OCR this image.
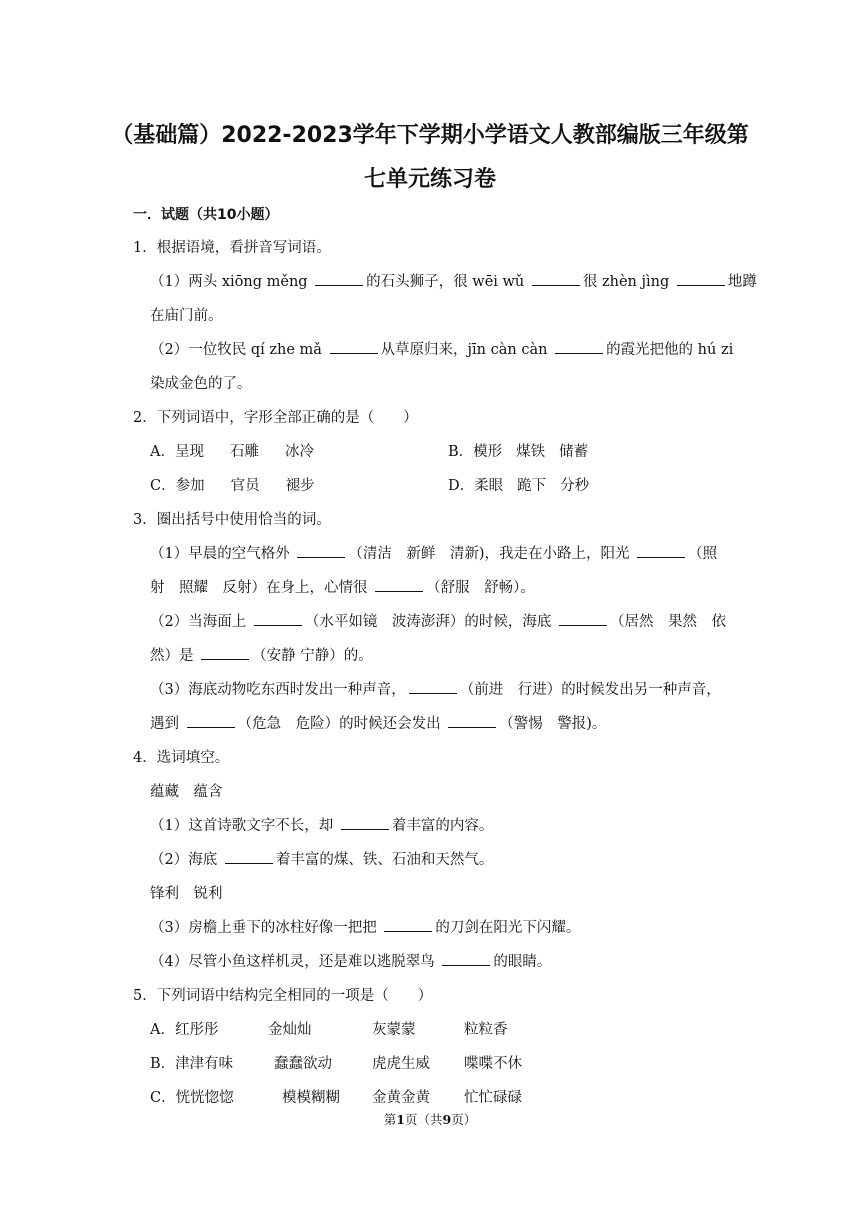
（基础篇）2022-2023学年下学期小学语文人教部编版三年级第
七单元练习卷
一．试题（共10小题）
1．根据语境，看拼音写词语。
（1）两头 xiōng měng	的石头狮子，很 wēi wǔ	很 zhèn jìng	地蹲
在庙门前。
（2）一位牧民 qí zhe mǎ	从草原归来，jīn càn càn	的霞光把他的 hú zi
染成金色的了。
2．下列词语中，字形全部正确的是（　　）
A．呈现 石雕 冰冷	B．模形 煤铁 储蓄
C．参加 官员 褪步	D．柔眼 跪下 分秒
3．圈出括号中使用恰当的词。
（1）早晨的空气格外	（清洁　新鲜　清新)，我走在小路上，阳光	（照
射　照耀　反射）在身上，心情很	（舒服　舒畅）。
（2）当海面上	（水平如镜　波涛澎湃）的时候，海底	（居然　果然　依
然）是	（安静 宁静）的。
（3）海底动物吃东西时发出一种声音，	（前进　行进）的时候发出另一种声音，
遇到	（危急　危险）的时候还会发出	（警惕　警报)。
4．选词填空。
蕴藏　蕴含
（1）这首诗歌文字不长，却	着丰富的内容。
（2）海底	着丰富的煤、铁、石油和天然气。
锋利　锐利
（3）房檐上垂下的冰柱好像一把把	的刀剑在阳光下闪耀。
（4）尽管小鱼这样机灵，还是难以逃脱翠鸟	的眼睛。
5．下列词语中结构完全相同的一项是（　　）
A．红彤彤	金灿灿	灰蒙蒙	粒粒香
B．津津有味	蠢蠢欲动	虎虎生威 喋喋不休
C．恍恍惚惚	模模糊糊 金黄金黄 忙忙碌碌
第1页（共9页）
